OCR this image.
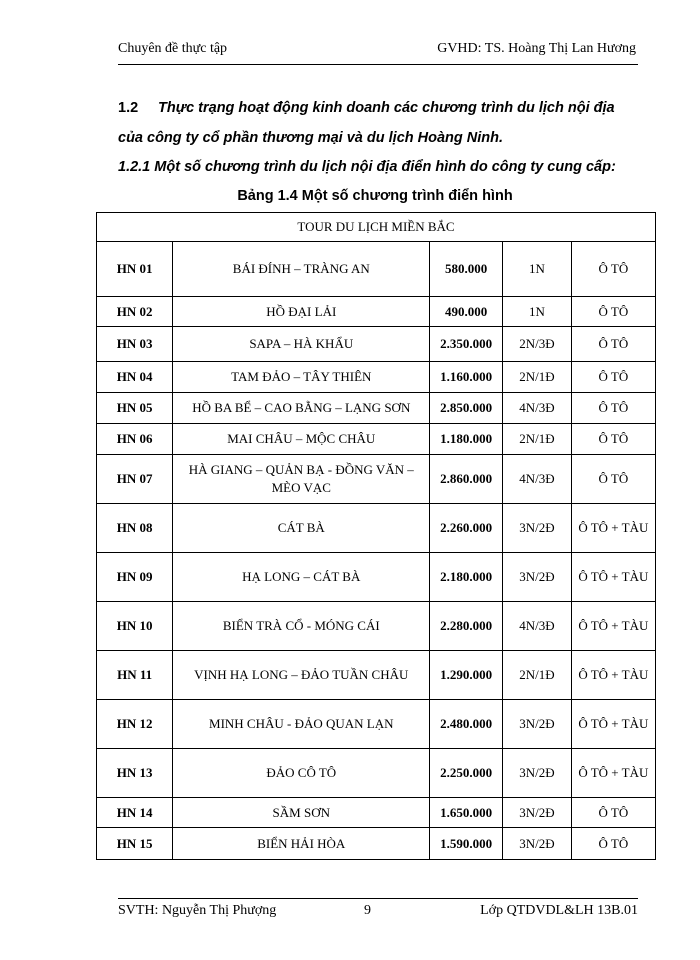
Chuyên đề thực tập	GVHD: TS. Hoàng Thị Lan Hương
1.2 Thực trạng hoạt động kinh doanh các chương trình du lịch nội địa
của công ty cổ phần thương mại và du lịch Hoàng Ninh.
1.2.1 Một số chương trình du lịch nội địa điển hình do công ty cung cấp:
Bảng 1.4 Một số chương trình điển hình
TOUR DU LỊCH MIỀN BẮC				
HN 01	BÁI ĐÍNH – TRÀNG AN	580.000	1N	Ô TÔ
HN 02	HỒ ĐẠI LẢI	490.000	1N	Ô TÔ
HN 03	SAPA – HÀ KHẨU	2.350.000	2N/3Đ	Ô TÔ
HN 04	TAM ĐẢO – TÂY THIÊN	1.160.000	2N/1Đ	Ô TÔ
HN 05	HỒ BA BỂ – CAO BẰNG – LẠNG SƠN	2.850.000	4N/3Đ	Ô TÔ
HN 06	MAI CHÂU – MỘC CHÂU	1.180.000	2N/1Đ	Ô TÔ
HN 07	HÀ GIANG – QUẢN BẠ - ĐỒNG VĂN – MÈO VẠC	2.860.000	4N/3Đ	Ô TÔ
HN 08	CÁT BÀ	2.260.000	3N/2Đ	Ô TÔ + TÀU
HN 09	HẠ LONG – CÁT BÀ	2.180.000	3N/2Đ	Ô TÔ + TÀU
HN 10	BIỂN TRÀ CỔ - MÓNG CÁI	2.280.000	4N/3Đ	Ô TÔ + TÀU
HN 11	VỊNH HẠ LONG – ĐẢO TUẦN CHÂU	1.290.000	2N/1Đ	Ô TÔ + TÀU
HN 12	MINH CHÂU - ĐẢO QUAN LẠN	2.480.000	3N/2Đ	Ô TÔ + TÀU
HN 13	ĐẢO CÔ TÔ	2.250.000	3N/2Đ	Ô TÔ + TÀU
HN 14	SẦM SƠN	1.650.000	3N/2Đ	Ô TÔ
HN 15	BIỂN HẢI HÒA	1.590.000	3N/2Đ	Ô TÔ
SVTH: Nguyễn Thị Phượng	9	Lớp QTDVDL&LH 13B.01
